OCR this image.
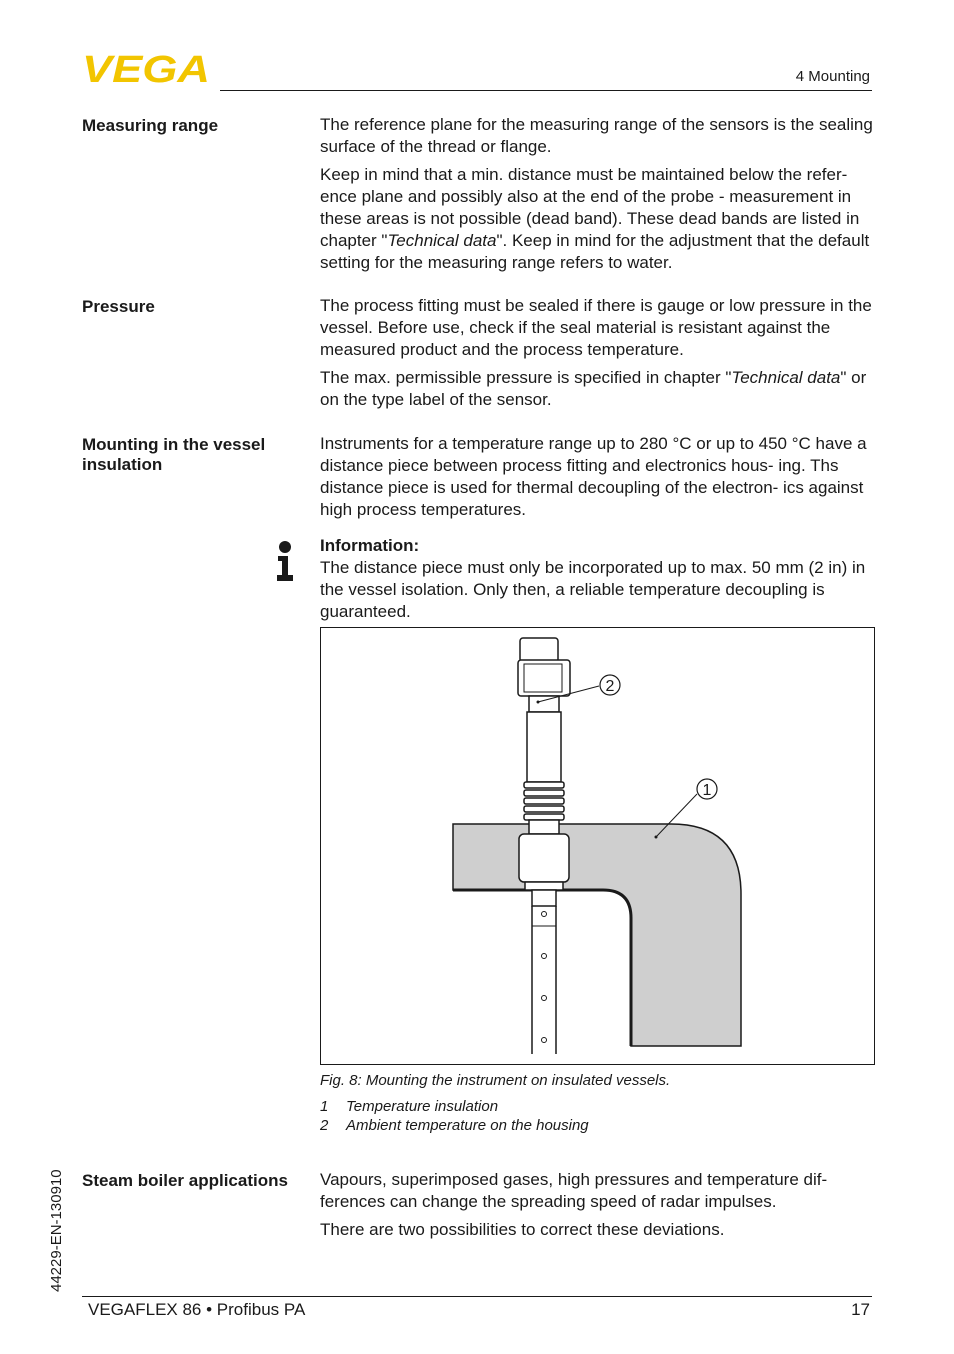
VEGA	4 Mounting
Measuring range	The reference plane for the measuring range of the sensors is the sealing surface of the thread or flange.

Keep in mind that a min. distance must be maintained below the refer- ence plane and possibly also at the end of the probe - measurement in these areas is not possible (dead band). These dead bands are listed in chapter "Technical data". Keep in mind for the adjustment that the default setting for the measuring range refers to water.

Pressure	The process fitting must be sealed if there is gauge or low pressure in the vessel. Before use, check if the seal material is resistant against the measured product and the process temperature.

The max. permissible pressure is specified in chapter "Technical data" or on the type label of the sensor.

Mounting in the vessel insulation

Instruments for a temperature range up to 280 °C or up to 450 °C have a distance piece between process fitting and electronics hous- ing. Ths distance piece is used for thermal decoupling of the electron- ics against high process temperatures.

Information:
The distance piece must only be incorporated up to max. 50 mm (2 in) in the vessel isolation. Only then, a reliable temperature decoupling is guaranteed.
2
1
Fig. 8: Mounting the instrument on insulated vessels.
1 Temperature insulation
2 Ambient temperature on the housing
Steam boiler applications	Vapours, superimposed gases, high pressures and temperature dif- ferences can change the spreading speed of radar impulses.

There are two possibilities to correct these deviations.

44229-EN-130910
VEGAFLEX 86 • Profibus PA	17
